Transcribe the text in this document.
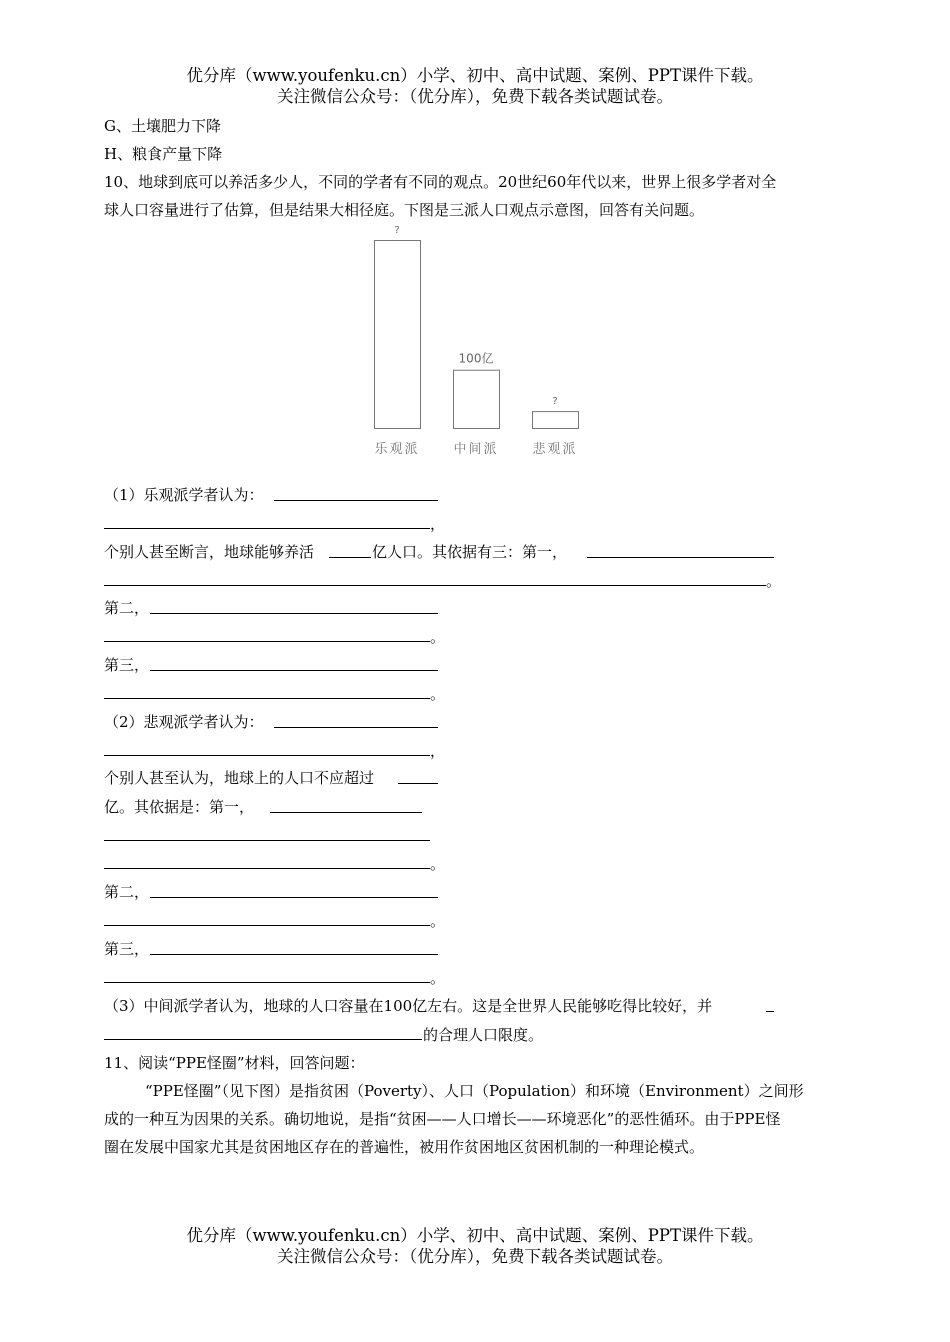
优分库（www.youfenku.cn）小学、初中、高中试题、案例、PPT课件下载。
关注微信公众号：（优分库），免费下载各类试题试卷。
G、土壤肥力下降
H、粮食产量下降
10、地球到底可以养活多少人，不同的学者有不同的观点。20世纪60年代以来，世界上很多学者对全
球人口容量进行了估算，但是结果大相径庭。下图是三派人口观点示意图，回答有关问题。
?
乐观派
100亿
中间派
?
悲观派
（1）乐观派学者认为：
，
个别人甚至断言，地球能够养活	亿人口。其依据有三：第一，
。
第二，
。
第三，
。
（2）悲观派学者认为：
，
个别人甚至认为，地球上的人口不应超过
亿。其依据是：第一，
。
第二，
。
第三，
。
（3）中间派学者认为，地球的人口容量在100亿左右。这是全世界人民能够吃得比较好，并
的合理人口限度。
11、阅读“PPE怪圈”材料，回答问题：
“PPE怪圈”（见下图）是指贫困（Poverty）、人口（Population）和环境（Environment）之间形
成的一种互为因果的关系。确切地说，是指“贫困——人口增长——环境恶化”的恶性循环。由于PPE怪
圈在发展中国家尤其是贫困地区存在的普遍性，被用作贫困地区贫困机制的一种理论模式。
优分库（www.youfenku.cn）小学、初中、高中试题、案例、PPT课件下载。
关注微信公众号：（优分库），免费下载各类试题试卷。
